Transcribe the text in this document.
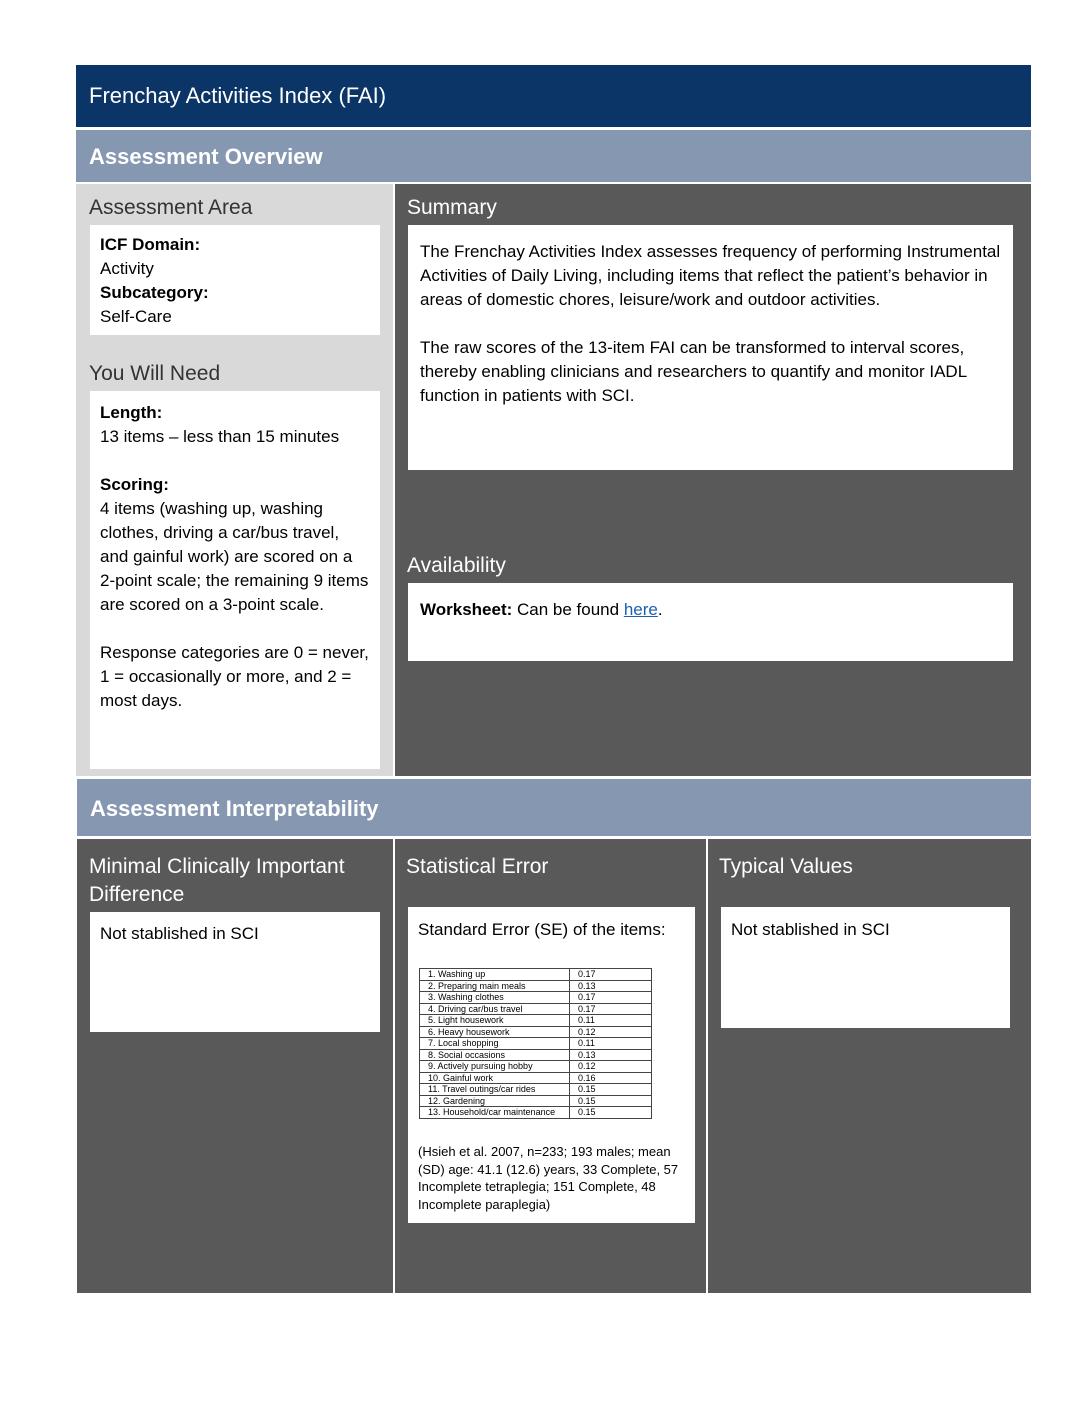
Frenchay Activities Index (FAI)
Assessment Overview
Assessment Area

ICF Domain:

Activity

Subcategory:

Self-Care

You Will Need

Length:

13 items – less than 15 minutes

Scoring:

4 items (washing up, washing clothes, driving a car/bus travel, and gainful work) are scored on a 2-point scale; the remaining 9 items are scored on a 3-point scale.

Response categories are 0 = never, 1 = occasionally or more, and 2 = most days.

Summary

The Frenchay Activities Index assesses frequency of performing Instrumental Activities of Daily Living, including items that reflect the patient’s behavior in areas of domestic chores, leisure/work and outdoor activities.

The raw scores of the 13-item FAI can be transformed to interval scores, thereby enabling clinicians and researchers to quantify and monitor IADL function in patients with SCI.

Availability

Worksheet: Can be found here.

Assessment Interpretability
Minimal Clinically Important Difference

Not stablished in SCI

Statistical Error

Standard Error (SE) of the items:

1. Washing up	0.17
2. Preparing main meals	0.13
3. Washing clothes	0.17
4. Driving car/bus travel	0.17
5. Light housework	0.11
6. Heavy housework	0.12
7. Local shopping	0.11
8. Social occasions	0.13
9. Actively pursuing hobby	0.12
10. Gainful work	0.16
11. Travel outings/car rides	0.15
12. Gardening	0.15
13. Household/car maintenance	0.15

(Hsieh et al. 2007, n=233; 193 males; mean (SD) age: 41.1 (12.6) years, 33 Complete, 57 Incomplete tetraplegia; 151 Complete, 48 Incomplete paraplegia)

Typical Values

Not stablished in SCI
